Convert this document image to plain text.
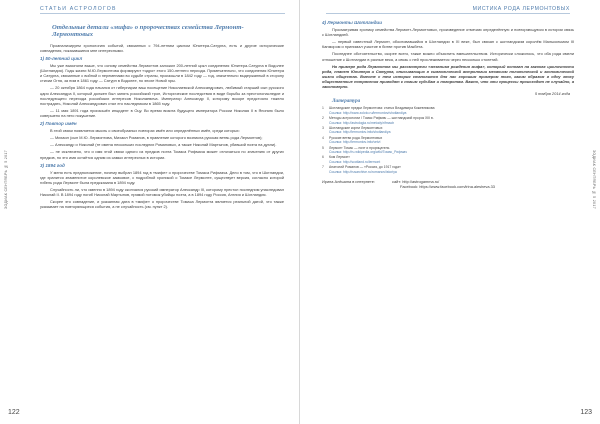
СТАТЬИ АСТРОЛОГОВ
ЗОДИАК СЕНТЯБРЬ № 5 2017
Отдельные детали «мифа» о пророчествах семейства Лермонт-Лермонтовых

Проанализируем хронологию событий, связанных с 794-летним циклом Юпитера-Сатурна, есть и другие исторические совпадения, показавшиеся мне интересными.

1) 50-летний цикл

Мы уже выяснили выше, что основу семейства Лермонтов заложил 200-летний цикл соединения Юпитера-Сатурна в Водолее (Шотландия). Годы жизни М.Ю.Лермонтова формируют «ядро» этого 150-летнего периода. Примечательно, что соединения Юпитера и Сатурна, связанные с войной и переменами во судьбе страны, произошли в 1842 году — год, значительно выдержанный в сторону стихии Огня, за ним в 1861 году — Сатурн в Водолее, по эпохе Новой эры.

— 20 октября 1864 года начался от гибернарии ваш посещение Николаевской Александрович, любимый старший сын русского царя Александра II, который должен был занять российский трон, Исторические последствия в виде борьбы за престолонаследие и последующего перехода российских интересов Николаевича. Император Александр II, которому вскоре предстояло тяжело пострадать, Николай Александрович стал его наследником в 1865 году.

— 11 мая 1891 года произошёл инцидент в Оцу. Во время визита будущего императора России Николая II в Японию было совершено на него покушение.

2) Повтор имён

В этой связи появляется мысль о своеобразных повторах имён или определённых имён, среди которых:

— Михаил (сын М.Ю. Лермонтова, Михаил Романов, в правление которого возникла русская ветвь рода Лермонтов);

— Александр и Николай (те имена нескольких последних Романовых, а также Николай Мартынов, убивший поэта на дуэли).

— не исключено, что и имя этой связи одного из предков поэта Томаса Рифмача может отличаться по значению от других предков, но это имя остаётся одним из самых интересных в истории.

3) 1894 год

У меня есть предположение, почему выбран 1894 год в «мифе» о пророчестве Томаса Рифмача. Дело в том, что в Шотландии, где хранится знаменитое королевское замковое, с подробной хроникой о Томасе Лермонте, существует версия, согласно которой гибель рода Лермонт была предсказана в 1894 году.

Случайность ли, что именно в 1894 году скончался русский император Александр III, которому престол последним унаследовал Николай II. В 1894 году погиб Николай Мартынов, прямой потомок убийцы поэта, а в 1894 году Россия, Англия и Шотландия.

Скорее это совпадение, и указанная дата в «мифе» о пророчестве Томаса Лермонта является реальной датой, что также указывает на повторяющиеся события, а не случайность (см. пункт 2).

122
МИСТИКА РОДА ЛЕРМОНТОВЫХ
ЗОДИАК СЕНТЯБРЬ № 5 2017
4) Лермонты Шотландии

Просматривая хронику семейства Лермонт-Лермонтовых, произведение отмечаю определённую и повторяющуюся в истории связь с Шотландией.

— первый известный Лермонт, обосновавшийся в Шотландии в XI веке, был связан с шотландским королём Малькольмом III Канмором и принимал участие в битве против Макбета.

Последнее обстоятельство, скорее всего, также можно объяснить вмешательством. Исторически сложилось, что оба рода имели отношение к Шотландии в разные века, а связь с ней прослеживается через несколько столетий.

На примере рода Лермонтов мы рассмотрели «механизм рождения мифа», который основан на законах цикличности рода, планет Юпитера и Сатурна, описывающих в символической астрологии механизм политической и экономической жизни общества. Вместе с тем история становится для нас хорошим примером того, каким образом в одну эпоху общественные потрясения приводят к новым судьбам и поворотам. Важно, что эти процессы происходят не случайно, а закономерно.

5 ноября 2014 года
Литература
1	Шотландские предки Лермонтова: статья Владимира Кожевникова
Ссылка: http://www.zoloto.ru/lermontov/shotlandiya
2	Методы астрологии / Томас Рифмач — шотландский пророк XIII в.
Ссылка: http://astrologia.ru/metody/rifmach
3	Шотландские корни Лермонтовых
Ссылка: http://lermontov.info/shotlandiya
4	Русские ветви рода Лермонтовых
Ссылка: http://lermontov.info/vetvi
5	Лермонт Томас — поэт и прорицатель
Ссылка: http://ru.wikipedia.org/wiki/Томас_Рифмач
6	Ком Лермонт
Ссылка: http://scotland.ru/lermont
7	Анатолий Романов — «Россия, до 1917 года»
Ссылка: http://rusarchive.ru/romanov/istoriya
Ирина Алёшина в интернете:	сайт: http://astrogamma.ru/
Facebook: https://www.facebook.com/irina.alesheva.33
123
